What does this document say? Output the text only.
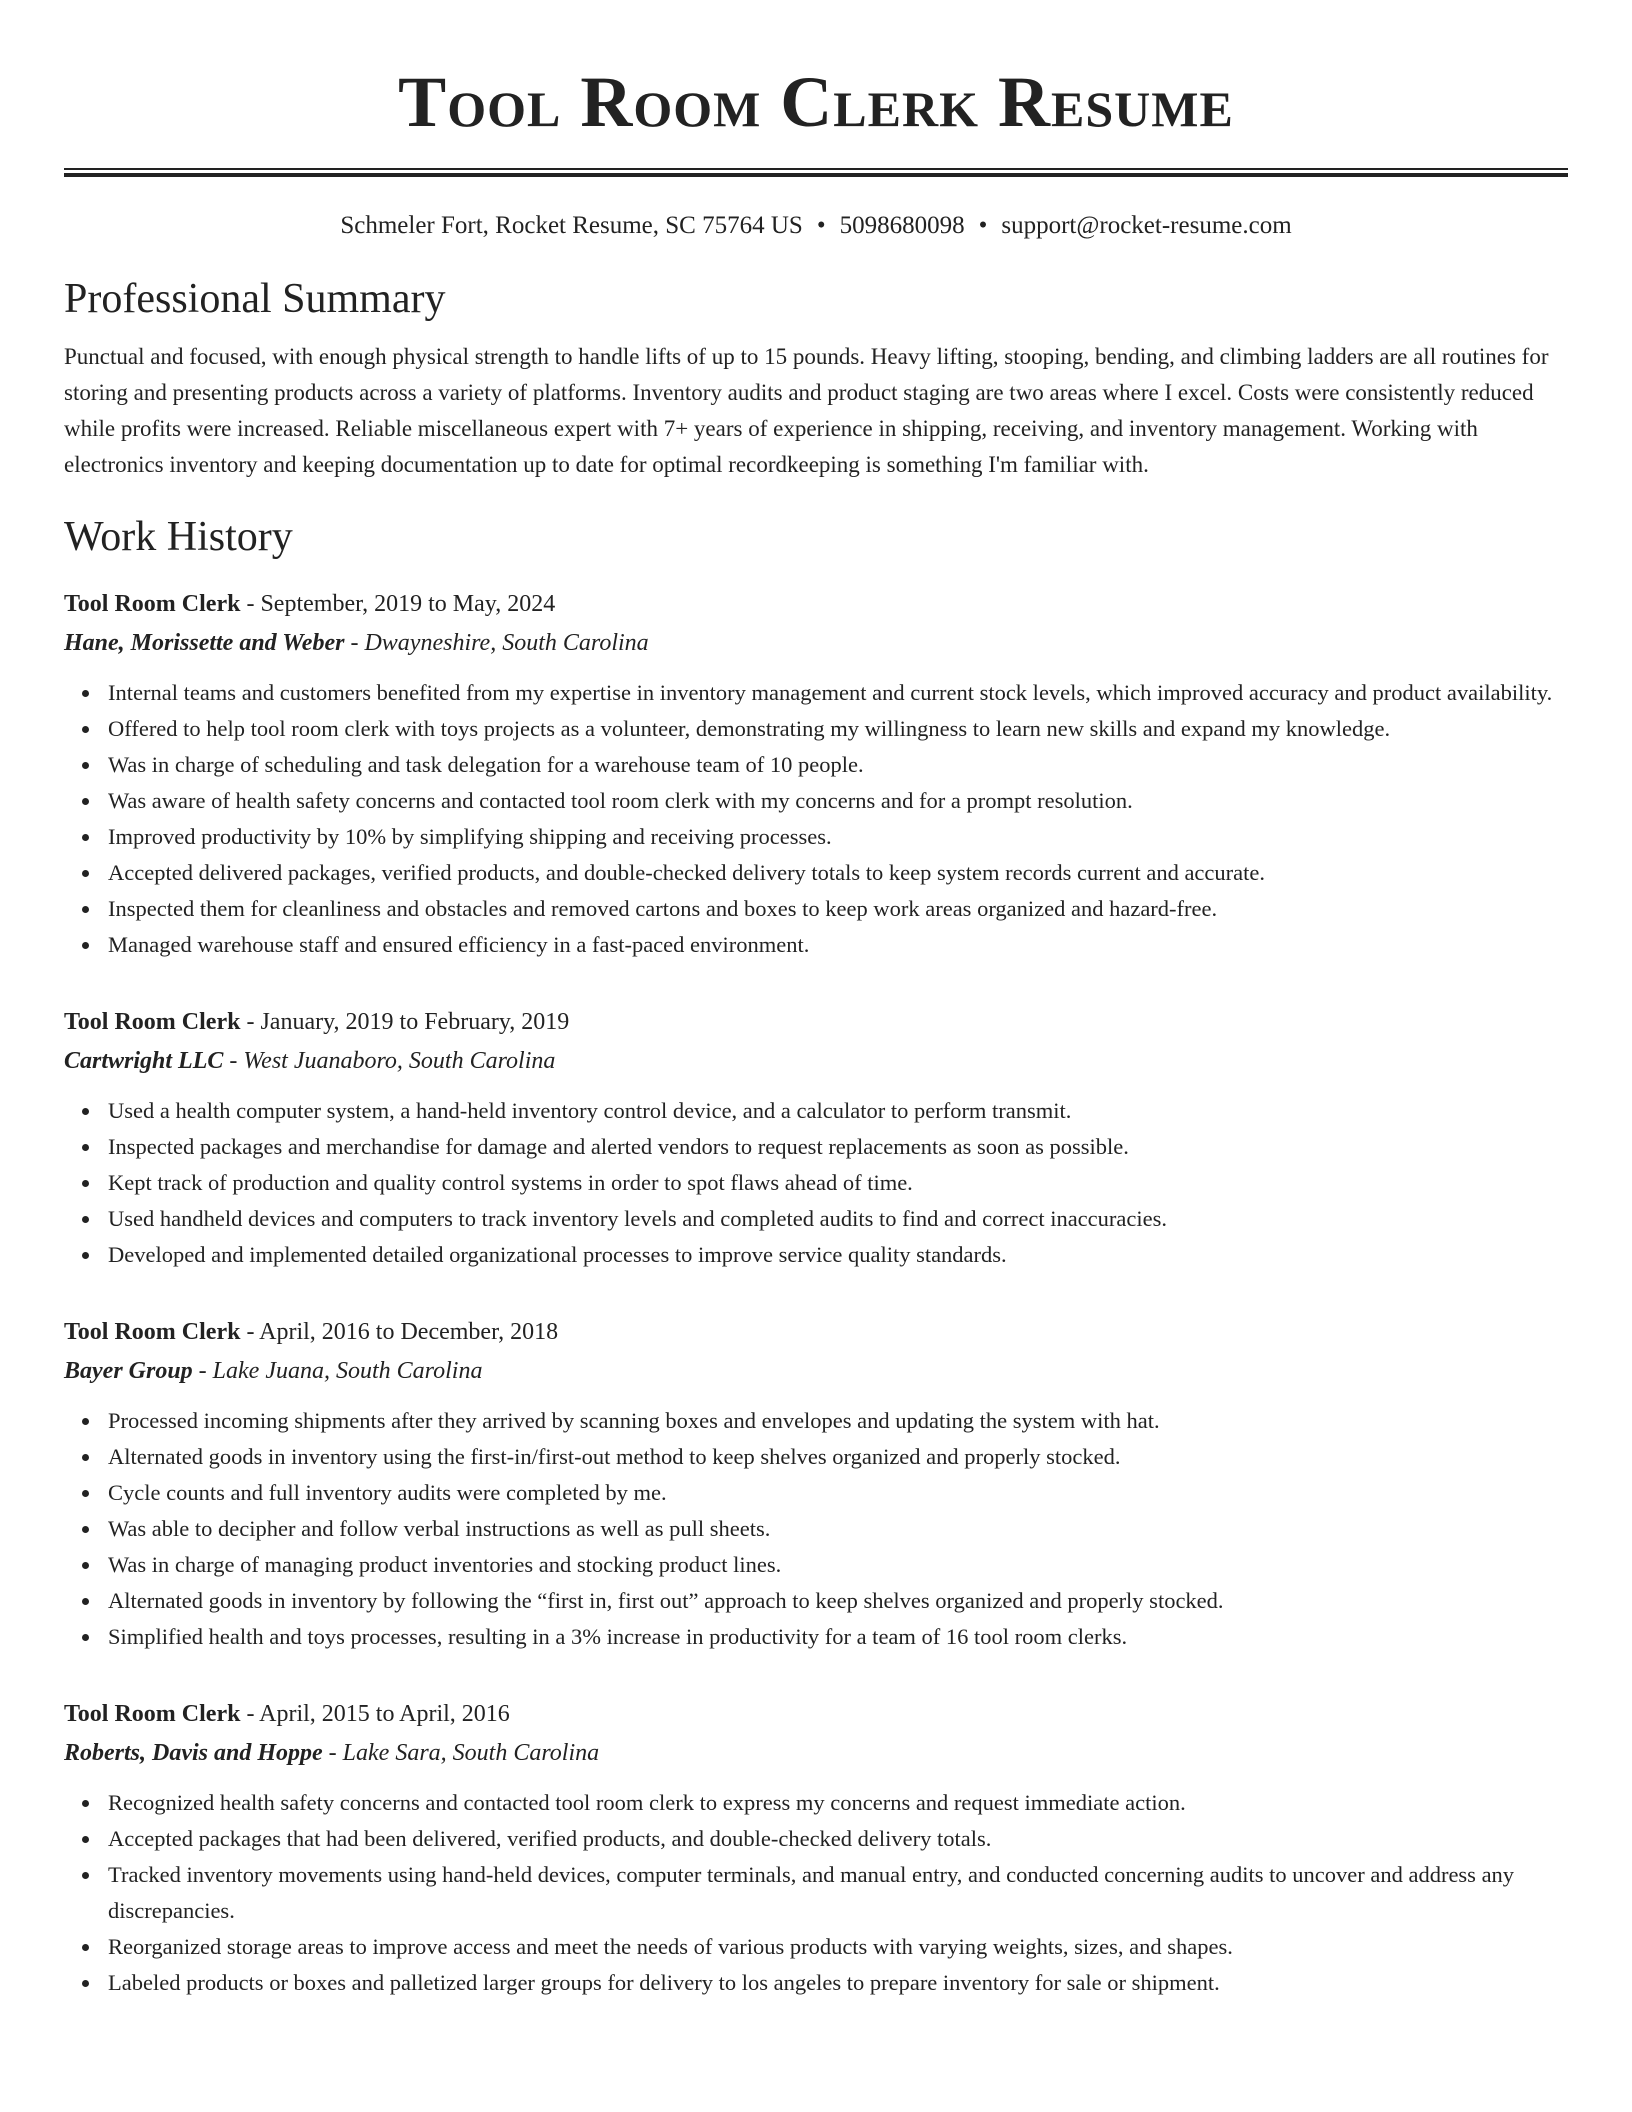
Tool Room Clerk Resume
Schmeler Fort, Rocket Resume, SC 75764 US • 5098680098 • support@rocket-resume.com
Professional Summary
Punctual and focused, with enough physical strength to handle lifts of up to 15 pounds. Heavy lifting, stooping, bending, and climbing ladders are all routines for storing and presenting products across a variety of platforms. Inventory audits and product staging are two areas where I excel. Costs were consistently reduced while profits were increased. Reliable miscellaneous expert with 7+ years of experience in shipping, receiving, and inventory management. Working with electronics inventory and keeping documentation up to date for optimal recordkeeping is something I'm familiar with.
Work History
Tool Room Clerk - September, 2019 to May, 2024
Hane, Morissette and Weber - Dwayneshire, South Carolina
Internal teams and customers benefited from my expertise in inventory management and current stock levels, which improved accuracy and product availability.
Offered to help tool room clerk with toys projects as a volunteer, demonstrating my willingness to learn new skills and expand my knowledge.
Was in charge of scheduling and task delegation for a warehouse team of 10 people.
Was aware of health safety concerns and contacted tool room clerk with my concerns and for a prompt resolution.
Improved productivity by 10% by simplifying shipping and receiving processes.
Accepted delivered packages, verified products, and double-checked delivery totals to keep system records current and accurate.
Inspected them for cleanliness and obstacles and removed cartons and boxes to keep work areas organized and hazard-free.
Managed warehouse staff and ensured efficiency in a fast-paced environment.
Tool Room Clerk - January, 2019 to February, 2019
Cartwright LLC - West Juanaboro, South Carolina
Used a health computer system, a hand-held inventory control device, and a calculator to perform transmit.
Inspected packages and merchandise for damage and alerted vendors to request replacements as soon as possible.
Kept track of production and quality control systems in order to spot flaws ahead of time.
Used handheld devices and computers to track inventory levels and completed audits to find and correct inaccuracies.
Developed and implemented detailed organizational processes to improve service quality standards.
Tool Room Clerk - April, 2016 to December, 2018
Bayer Group - Lake Juana, South Carolina
Processed incoming shipments after they arrived by scanning boxes and envelopes and updating the system with hat.
Alternated goods in inventory using the first-in/first-out method to keep shelves organized and properly stocked.
Cycle counts and full inventory audits were completed by me.
Was able to decipher and follow verbal instructions as well as pull sheets.
Was in charge of managing product inventories and stocking product lines.
Alternated goods in inventory by following the “first in, first out” approach to keep shelves organized and properly stocked.
Simplified health and toys processes, resulting in a 3% increase in productivity for a team of 16 tool room clerks.
Tool Room Clerk - April, 2015 to April, 2016
Roberts, Davis and Hoppe - Lake Sara, South Carolina
Recognized health safety concerns and contacted tool room clerk to express my concerns and request immediate action.
Accepted packages that had been delivered, verified products, and double-checked delivery totals.
Tracked inventory movements using hand-held devices, computer terminals, and manual entry, and conducted concerning audits to uncover and address any discrepancies.
Reorganized storage areas to improve access and meet the needs of various products with varying weights, sizes, and shapes.
Labeled products or boxes and palletized larger groups for delivery to los angeles to prepare inventory for sale or shipment.
